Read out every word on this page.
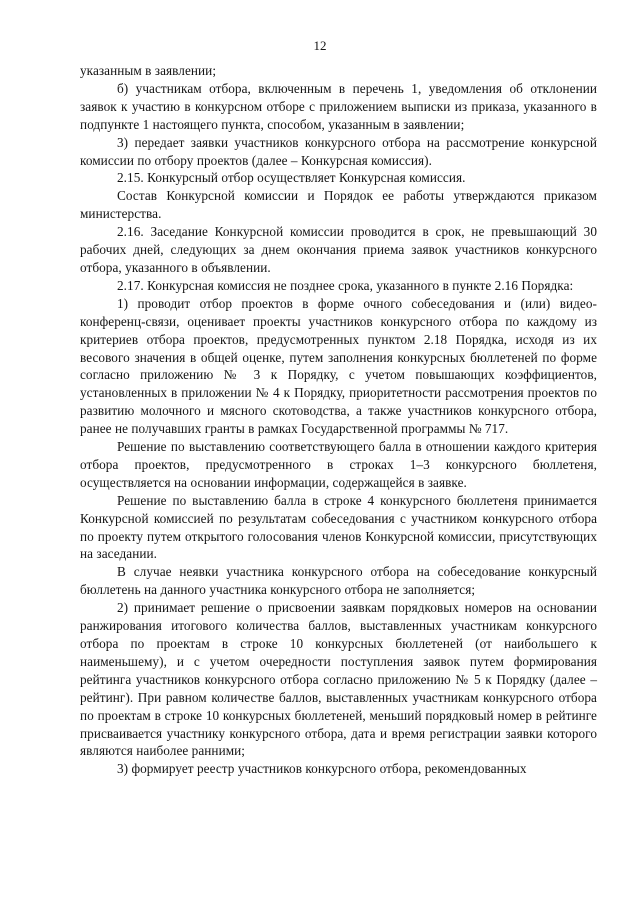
12

указанным в заявлении;

б) участникам отбора, включенным в перечень 1, уведомления об отклонении заявок к участию в конкурсном отборе с приложением выписки из приказа, указанного в подпункте 1 настоящего пункта, способом, указанным в заявлении;

3) передает заявки участников конкурсного отбора на рассмотрение конкурсной комиссии по отбору проектов (далее – Конкурсная комиссия).

2.15. Конкурсный отбор осуществляет Конкурсная комиссия.

Состав Конкурсной комиссии и Порядок ее работы утверждаются приказом министерства.

2.16. Заседание Конкурсной комиссии проводится в срок, не превышающий 30 рабочих дней, следующих за днем окончания приема заявок участников конкурсного отбора, указанного в объявлении.

2.17. Конкурсная комиссия не позднее срока, указанного в пункте 2.16 Порядка:

1) проводит отбор проектов в форме очного собеседования и (или) видео-конференц-связи, оценивает проекты участников конкурсного отбора по каждому из критериев отбора проектов, предусмотренных пунктом 2.18 Порядка, исходя из их весового значения в общей оценке, путем заполнения конкурсных бюллетеней по форме согласно приложению № 3 к Порядку, с учетом повышающих коэффициентов, установленных в приложении № 4 к Порядку, приоритетности рассмотрения проектов по развитию молочного и мясного скотоводства, а также участников конкурсного отбора, ранее не получавших гранты в рамках Государственной программы № 717.

Решение по выставлению соответствующего балла в отношении каждого критерия отбора проектов, предусмотренного в строках 1–3 конкурсного бюллетеня, осуществляется на основании информации, содержащейся в заявке.

Решение по выставлению балла в строке 4 конкурсного бюллетеня принимается Конкурсной комиссией по результатам собеседования с участником конкурсного отбора по проекту путем открытого голосования членов Конкурсной комиссии, присутствующих на заседании.

В случае неявки участника конкурсного отбора на собеседование конкурсный бюллетень на данного участника конкурсного отбора не заполняется;

2) принимает решение о присвоении заявкам порядковых номеров на основании ранжирования итогового количества баллов, выставленных участникам конкурсного отбора по проектам в строке 10 конкурсных бюллетеней (от наибольшего к наименьшему), и с учетом очередности поступления заявок путем формирования рейтинга участников конкурсного отбора согласно приложению № 5 к Порядку (далее – рейтинг). При равном количестве баллов, выставленных участникам конкурсного отбора по проектам в строке 10 конкурсных бюллетеней, меньший порядковый номер в рейтинге присваивается участнику конкурсного отбора, дата и время регистрации заявки которого являются наиболее ранними;

3) формирует реестр участников конкурсного отбора, рекомендованных
